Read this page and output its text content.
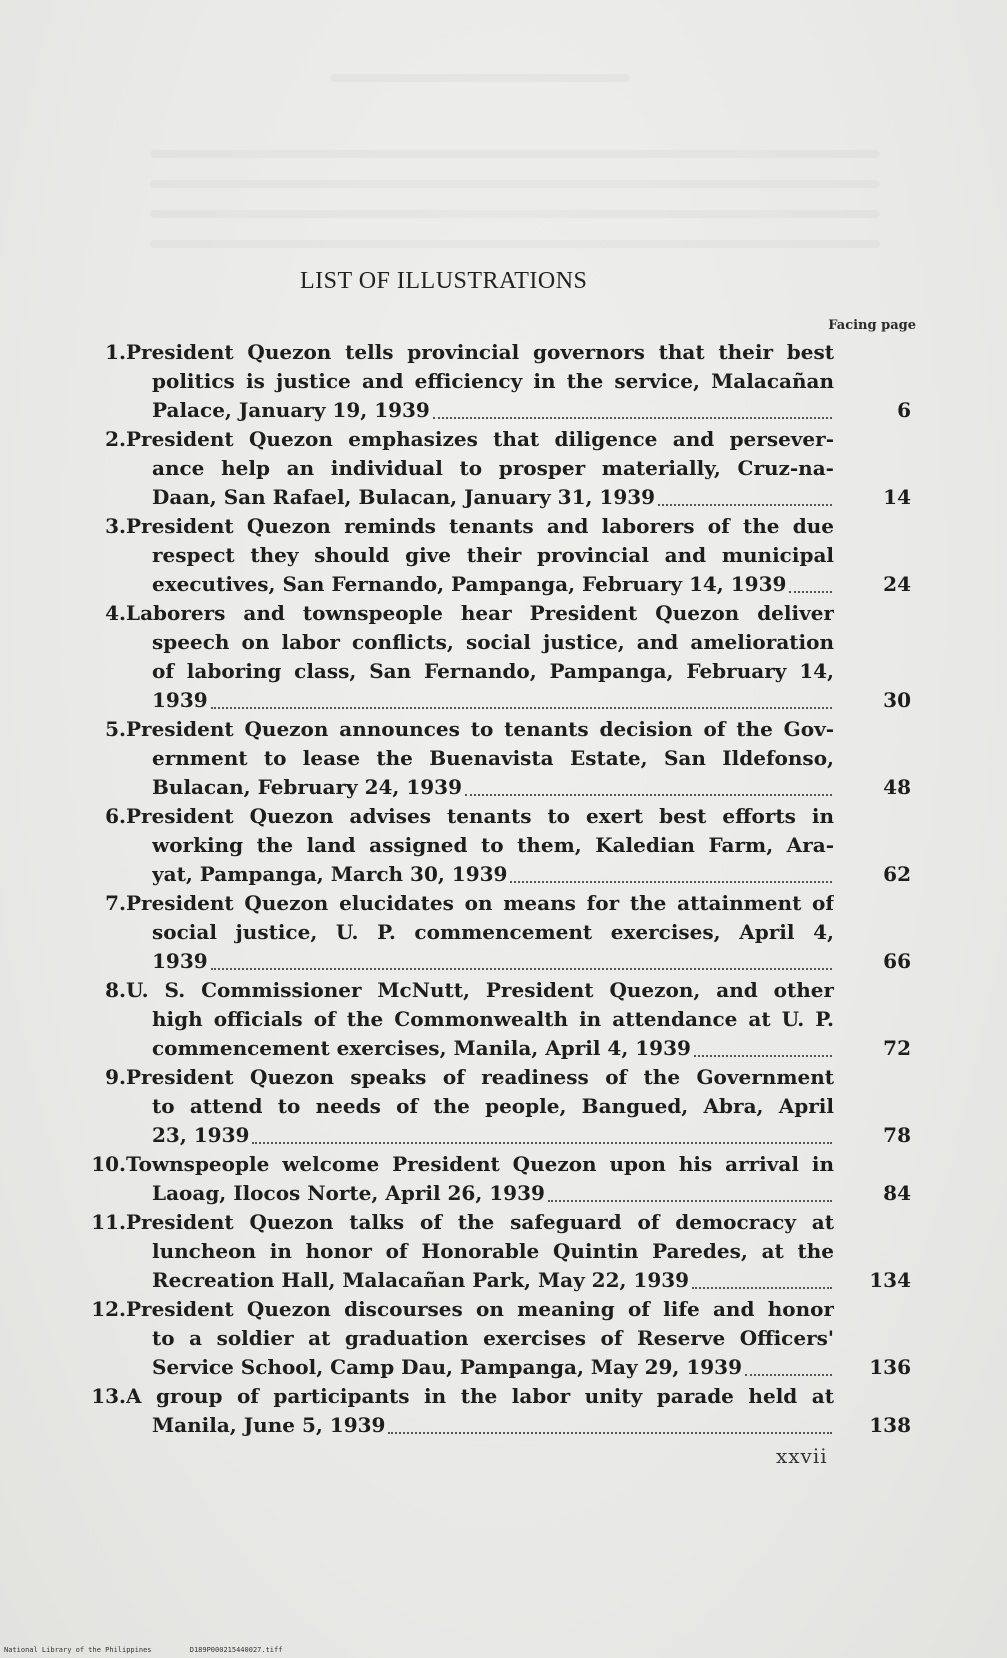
LIST OF ILLUSTRATIONS
Facing page
1. President Quezon tells provincial governors that their best
politics is justice and efficiency in the service, Malacañan
Palace, January 19, 1939	6
2. President Quezon emphasizes that diligence and persever-
ance help an individual to prosper materially, Cruz-na-
Daan, San Rafael, Bulacan, January 31, 1939	14
3. President Quezon reminds tenants and laborers of the due
respect they should give their provincial and municipal
executives, San Fernando, Pampanga, February 14, 1939	24
4. Laborers and townspeople hear President Quezon deliver
speech on labor conflicts, social justice, and amelioration
of laboring class, San Fernando, Pampanga, February 14,
1939	30
5. President Quezon announces to tenants decision of the Gov-
ernment to lease the Buenavista Estate, San Ildefonso,
Bulacan, February 24, 1939	48
6. President Quezon advises tenants to exert best efforts in
working the land assigned to them, Kaledian Farm, Ara-
yat, Pampanga, March 30, 1939	62
7. President Quezon elucidates on means for the attainment of
social justice, U. P. commencement exercises, April 4,
1939	66
8. U. S. Commissioner McNutt, President Quezon, and other
high officials of the Commonwealth in attendance at U. P.
commencement exercises, Manila, April 4, 1939	72
9. President Quezon speaks of readiness of the Government
to attend to needs of the people, Bangued, Abra, April
23, 1939	78
10. Townspeople welcome President Quezon upon his arrival in
Laoag, Ilocos Norte, April 26, 1939	84
11. President Quezon talks of the safeguard of democracy at
luncheon in honor of Honorable Quintin Paredes, at the
Recreation Hall, Malacañan Park, May 22, 1939	134
12. President Quezon discourses on meaning of life and honor
to a soldier at graduation exercises of Reserve Officers'
Service School, Camp Dau, Pampanga, May 29, 1939	136
13. A group of participants in the labor unity parade held at
Manila, June 5, 1939	138
xxvii
National Library of the Philippines	D189P000215440027.tiff
